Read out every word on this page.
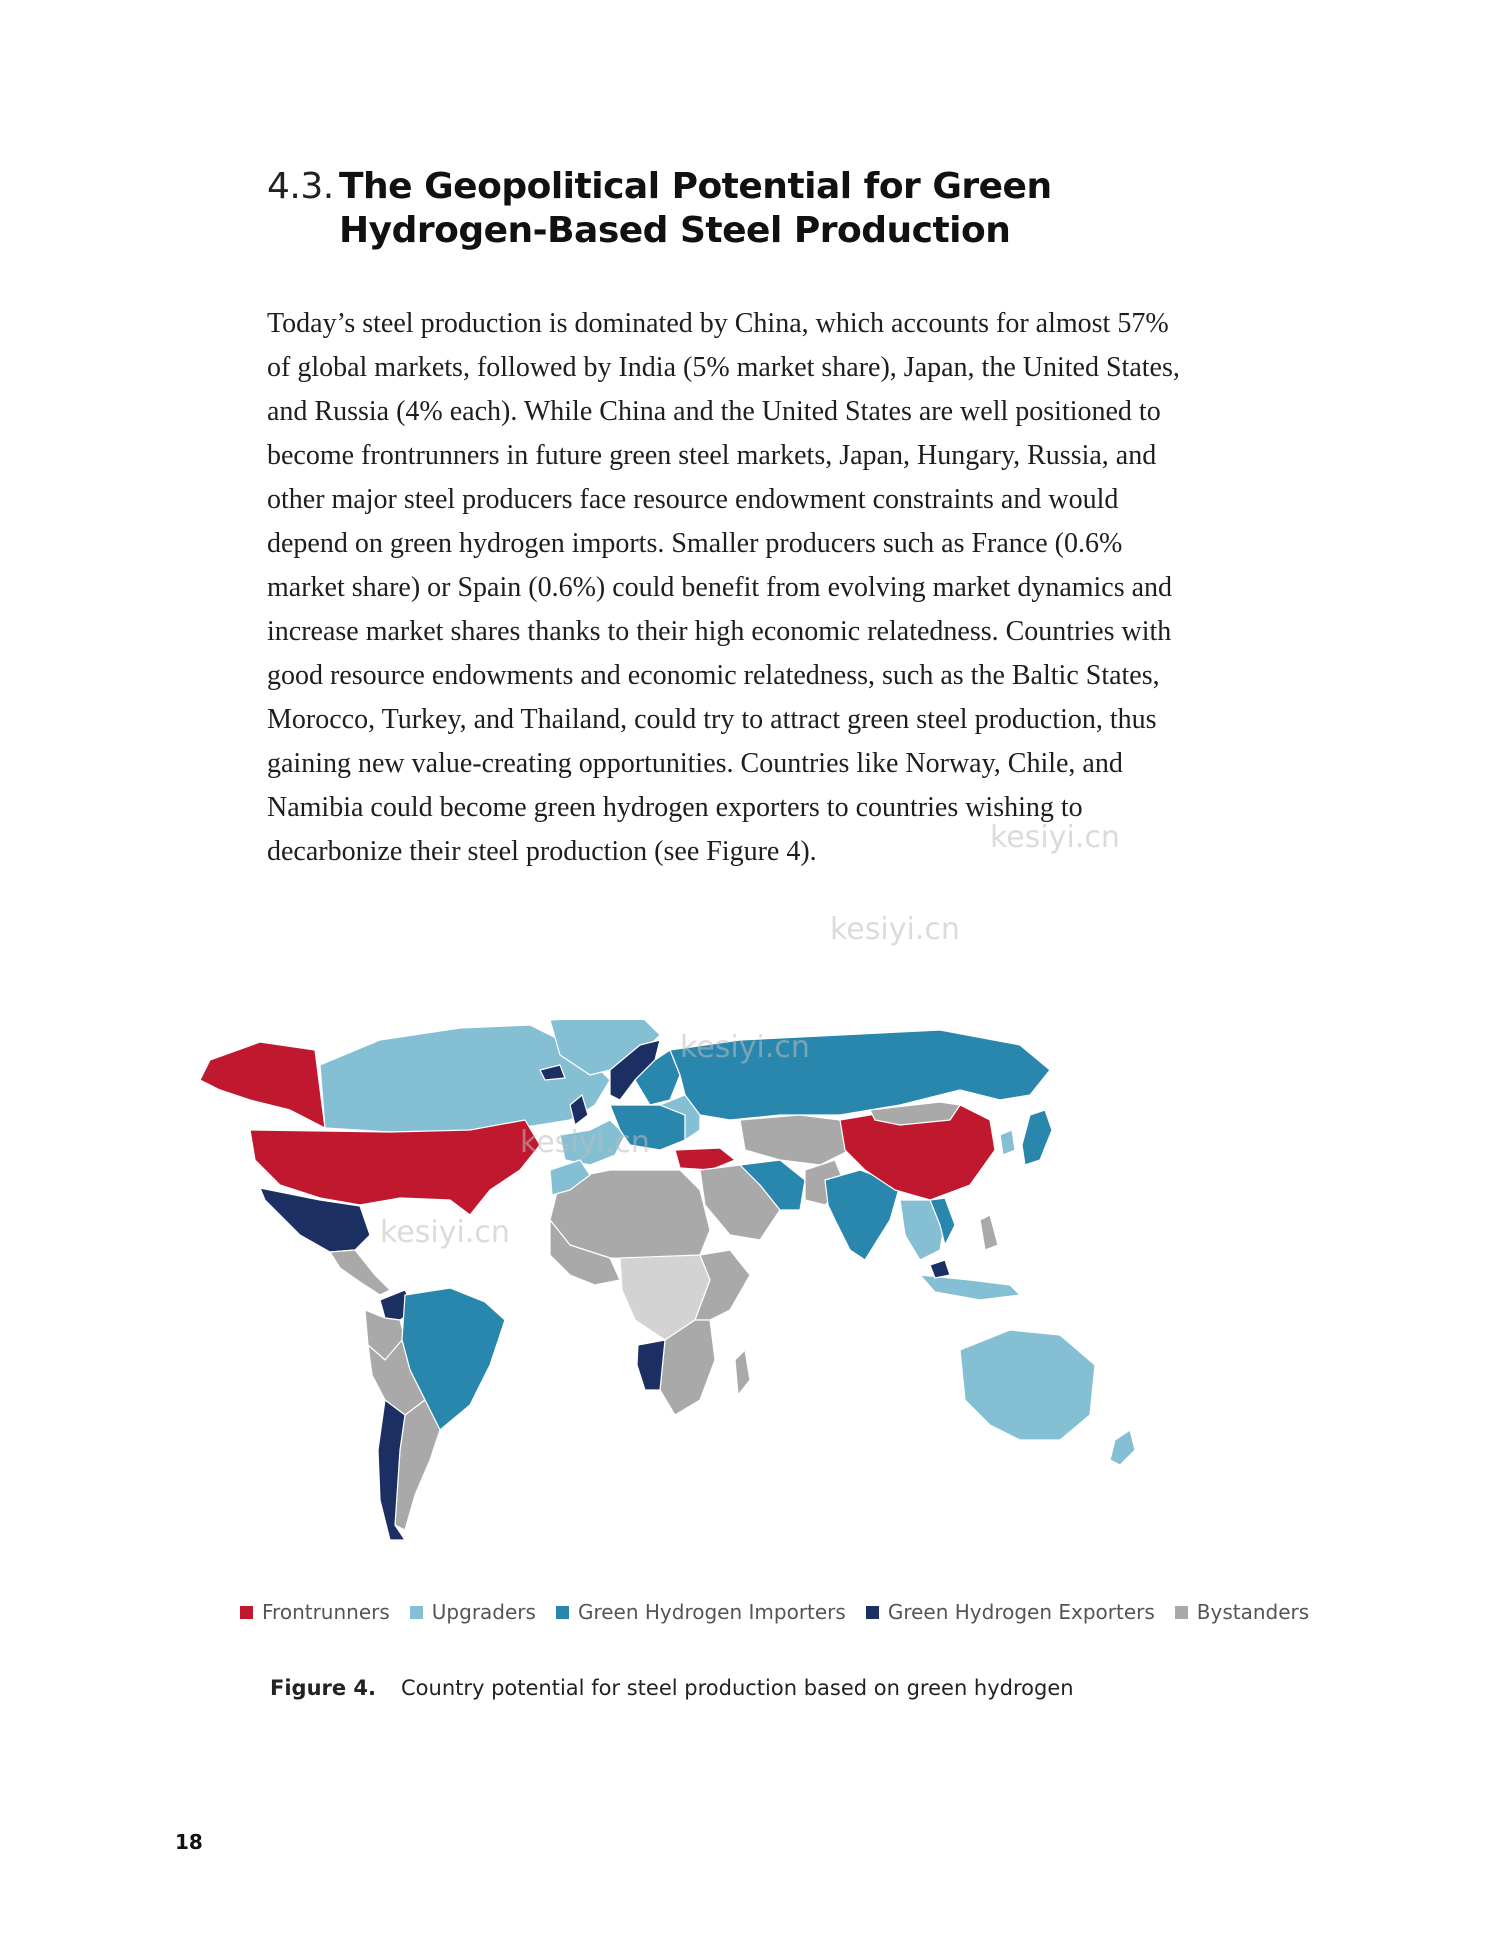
4.3. The Geopolitical Potential for Green
Hydrogen-Based Steel Production

Today’s steel production is dominated by China, which accounts for almost 57%
of global markets, followed by India (5% market share), Japan, the United States,
and Russia (4% each). While China and the United States are well positioned to
become frontrunners in future green steel markets, Japan, Hungary, Russia, and
other major steel producers face resource endowment constraints and would
depend on green hydrogen imports. Smaller producers such as France (0.6%
market share) or Spain (0.6%) could benefit from evolving market dynamics and
increase market shares thanks to their high economic relatedness. Countries with
good resource endowments and economic relatedness, such as the Baltic States,
Morocco, Turkey, and Thailand, could try to attract green steel production, thus
gaining new value-creating opportunities. Countries like Norway, Chile, and
Namibia could become green hydrogen exporters to countries wishing to
decarbonize their steel production (see Figure 4).

Frontrunners Upgraders Green Hydrogen Importers Green Hydrogen Exporters Bystanders
Figure 4. Country potential for steel production based on green hydrogen
18
kesiyi.cn
kesiyi.cn
kesiyi.cn
kesiyi.cn
kesiyi.cn
